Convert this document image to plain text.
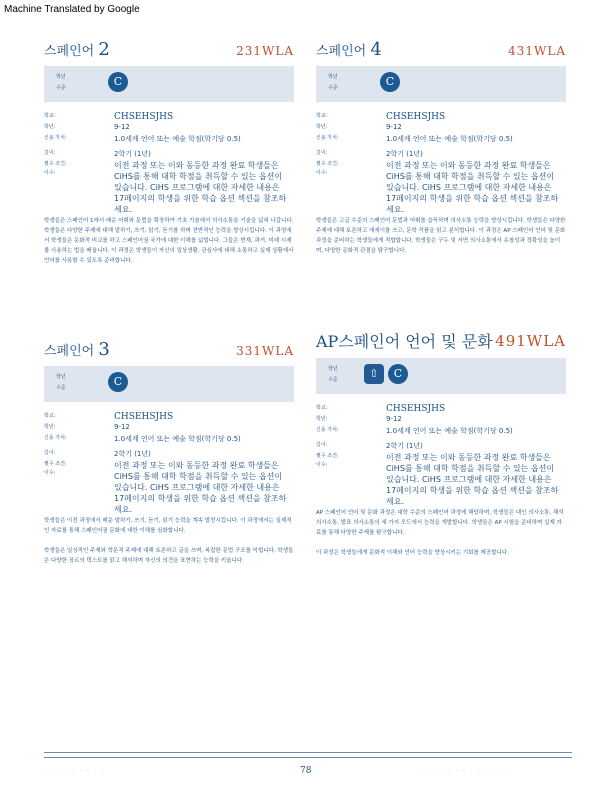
Machine Translated by Google
스페인어 2	231WLA
학년
수준	C
학교:	CHSEHSJHS
학년:	9-12
신용 가치:	1.0세계 언어 또는 예술 학점(학기당 0.5)
길이:	2학기 (1년)
필수 조건:
이수:
이전 과정 또는 이와 동등한 과정 완료 학생들은 CiHS를 통해 대학 학점을 취득할 수 있는 옵션이 있습니다. CiHS 프로그램에 대한 자세한 내용은 17페이지의 학생을 위한 학습 옵션 섹션을 참조하세요.
학생들은 스페인어 1에서 배운 어휘와 문법을 확장하여 기초 기술에서 의사소통을 기술을 넓혀 나갑니다. 학생들은 다양한 주제에 대해 말하기, 쓰기, 읽기, 듣기를 하며 전반적인 능력을 향상시킵니다. 이 과정에서 학생들은 문화적 비교를 하고 스페인어권 국가에 대한 이해를 넓힙니다. 그들은 현재, 과거, 미래 시제를 사용하는 법을 배웁니다. 이 과정은 학생들이 자신의 일상생활, 관심사에 대해 소통하고 실제 상황에서 언어를 사용할 수 있도록 준비합니다.
스페인어 4	431WLA
학년
수준	C
학교:	CHSEHSJHS
학년:	9-12
신용 가치:	1.0세계 언어 또는 예술 학점(학기당 0.5)
길이:	2학기 (1년)
필수 조건:
이수:
이전 과정 또는 이와 동등한 과정 완료 학생들은 CiHS를 통해 대학 학점을 취득할 수 있는 옵션이 있습니다. CiHS 프로그램에 대한 자세한 내용은 17페이지의 학생을 위한 학습 옵션 섹션을 참조하세요.
학생들은 고급 수준의 스페인어 문법과 어휘를 습득하며 의사소통 능력을 향상시킵니다. 학생들은 다양한 주제에 대해 토론하고 에세이를 쓰고, 문학 작품을 읽고 분석합니다. 이 과정은 AP 스페인어 언어 및 문화 과정을 준비하는 학생들에게 적합합니다. 학생들은 구두 및 서면 의사소통에서 유창성과 정확성을 높이며, 다양한 문화적 관점을 탐구합니다.
스페인어 3	331WLA
학년
수준	C
학교:	CHSEHSJHS
학년:	9-12
신용 가치:	1.0세계 언어 또는 예술 학점(학기당 0.5)
길이:	2학기 (1년)
필수 조건:
이수:
이전 과정 또는 이와 동등한 과정 완료 학생들은 CiHS를 통해 대학 학점을 취득할 수 있는 옵션이 있습니다. CiHS 프로그램에 대한 자세한 내용은 17페이지의 학생을 위한 학습 옵션 섹션을 참조하세요.
학생들은 이전 과정에서 배운 말하기, 쓰기, 듣기, 읽기 능력을 계속 발전시킵니다. 이 과정에서는 실제적인 자료를 통해 스페인어권 문화에 대한 이해를 심화합니다.

학생들은 일상적인 주제와 학문적 주제에 대해 토론하고 글을 쓰며, 복잡한 문법 구조를 익힙니다. 학생들은 다양한 장르의 텍스트를 읽고 해석하며 자신의 의견을 표현하는 능력을 키웁니다.
AP스페인어 언어 및 문화 491WLA
학년
수준	⇧	C
학교:	CHSEHSJHS
학년:	9-12
신용 가치:	1.0세계 언어 또는 예술 학점(학기당 0.5)
길이:	2학기 (1년)
필수 조건:
이수:
이전 과정 또는 이와 동등한 과정 완료 학생들은 CiHS를 통해 대학 학점을 취득할 수 있는 옵션이 있습니다. CiHS 프로그램에 대한 자세한 내용은 17페이지의 학생을 위한 학습 옵션 섹션을 참조하세요.
AP 스페인어 언어 및 문화 과정은 대학 수준의 스페인어 과정에 해당하며, 학생들은 대인 의사소통, 해석 의사소통, 발표 의사소통의 세 가지 모드에서 능력을 개발합니다. 학생들은 AP 시험을 준비하며 실제 자료를 통해 다양한 주제를 탐구합니다.

이 과정은 학생들에게 문화적 이해와 언어 능력을 향상시키는 기회를 제공합니다.
· · · · · · · · ·	78	· · · · · · · · · · · · ·
